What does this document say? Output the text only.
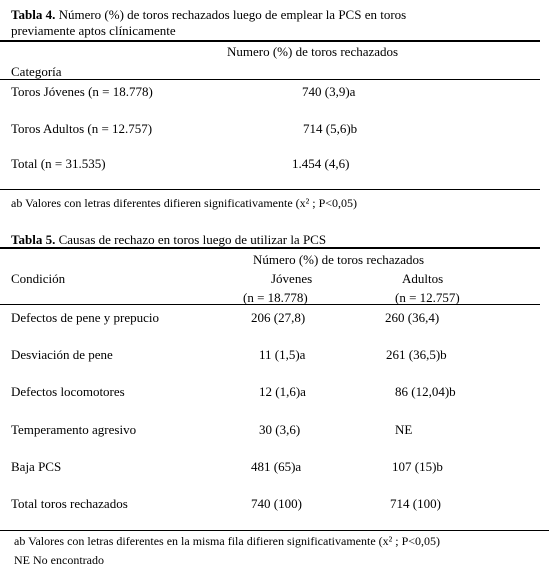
Tabla 4. Número (%) de toros rechazados luego de emplear la PCS en toros
previamente aptos clínicamente
Numero (%) de toros rechazados
Categoría
Toros Jóvenes (n = 18.778)	740 (3,9)a
Toros Adultos (n = 12.757)	714 (5,6)b
Total (n = 31.535)	1.454 (4,6)
ab Valores con letras diferentes difieren significativamente (x² ; P<0,05)
Tabla 5. Causas de rechazo en toros luego de utilizar la PCS
Número (%) de toros rechazados
Condición	Jóvenes	Adultos
(n = 18.778)	(n = 12.757)
Defectos de pene y prepucio	206 (27,8)	260 (36,4)
Desviación de pene	11 (1,5)a	261 (36,5)b
Defectos locomotores	12 (1,6)a	86 (12,04)b
Temperamento agresivo	30 (3,6)	NE
Baja PCS	481 (65)a	107 (15)b
Total toros rechazados	740 (100)	714 (100)
ab Valores con letras diferentes en la misma fila difieren significativamente (x² ; P<0,05)
NE No encontrado
